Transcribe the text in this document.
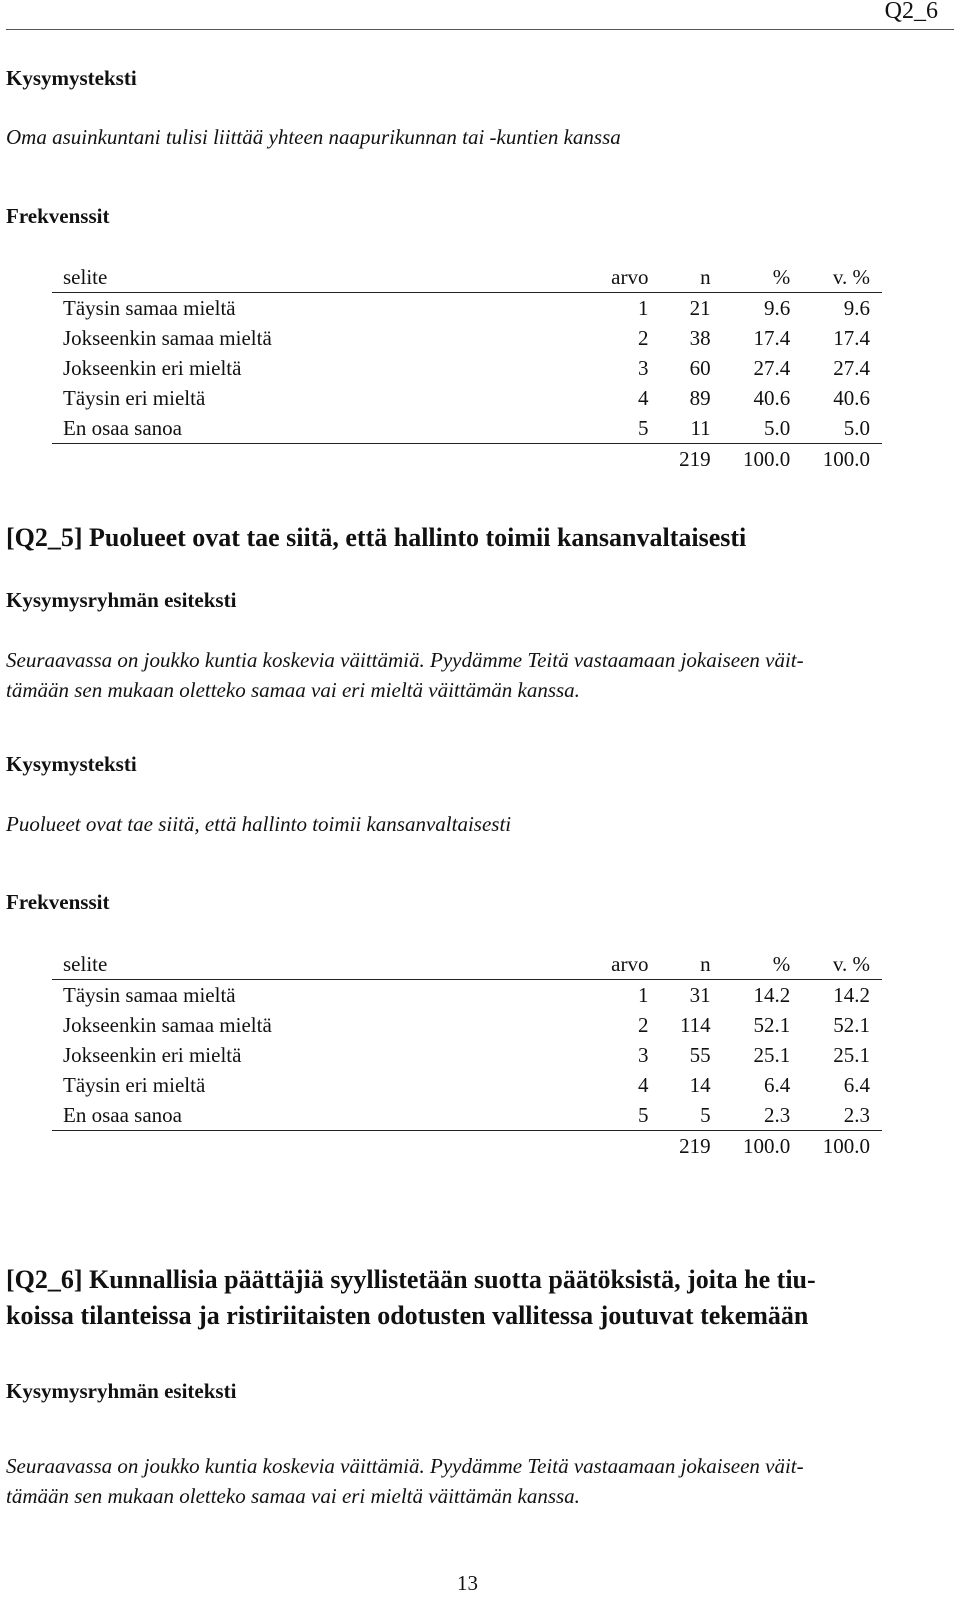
Q2_6
Kysymysteksti
Oma asuinkuntani tulisi liittää yhteen naapurikunnan tai -kuntien kanssa
Frekvenssit
selite	arvo	n	%	v. %
Täysin samaa mieltä	1	21	9.6	9.6
Jokseenkin samaa mieltä	2	38	17.4	17.4
Jokseenkin eri mieltä	3	60	27.4	27.4
Täysin eri mieltä	4	89	40.6	40.6
En osaa sanoa	5	11	5.0	5.0
		219	100.0	100.0
[Q2_5] Puolueet ovat tae siitä, että hallinto toimii kansanvaltaisesti
Kysymysryhmän esiteksti
Seuraavassa on joukko kuntia koskevia väittämiä. Pyydämme Teitä vastaamaan jokaiseen väit-
tämään sen mukaan oletteko samaa vai eri mieltä väittämän kanssa.
Kysymysteksti
Puolueet ovat tae siitä, että hallinto toimii kansanvaltaisesti
Frekvenssit
selite	arvo	n	%	v. %
Täysin samaa mieltä	1	31	14.2	14.2
Jokseenkin samaa mieltä	2	114	52.1	52.1
Jokseenkin eri mieltä	3	55	25.1	25.1
Täysin eri mieltä	4	14	6.4	6.4
En osaa sanoa	5	5	2.3	2.3
		219	100.0	100.0
[Q2_6] Kunnallisia päättäjiä syyllistetään suotta päätöksistä, joita he tiu-
koissa tilanteissa ja ristiriitaisten odotusten vallitessa joutuvat tekemään
Kysymysryhmän esiteksti
Seuraavassa on joukko kuntia koskevia väittämiä. Pyydämme Teitä vastaamaan jokaiseen väit-
tämään sen mukaan oletteko samaa vai eri mieltä väittämän kanssa.
13
